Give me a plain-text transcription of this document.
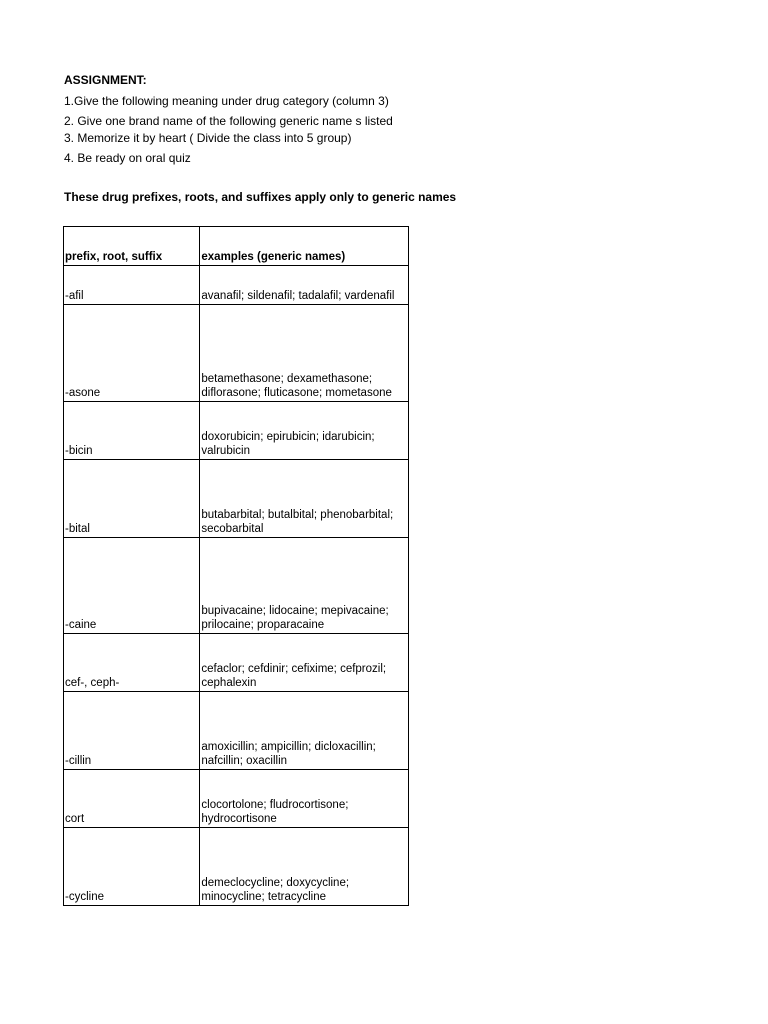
ASSIGNMENT:
1.Give the following meaning under drug category (column 3)
2. Give one brand name of the following generic name s listed
3. Memorize it by heart ( Divide the class into 5 group)
4. Be ready on oral quiz
These drug prefixes, roots, and suffixes apply only to generic names
prefix, root, suffix	examples (generic names)
-afil	avanafil; sildenafil; tadalafil; vardenafil
-asone	betamethasone; dexamethasone; diflorasone; fluticasone; mometasone
-bicin	doxorubicin; epirubicin; idarubicin; valrubicin
-bital	butabarbital; butalbital; phenobarbital; secobarbital
-caine	bupivacaine; lidocaine; mepivacaine; prilocaine; proparacaine
cef-, ceph-	cefaclor; cefdinir; cefixime; cefprozil; cephalexin
-cillin	amoxicillin; ampicillin; dicloxacillin; nafcillin; oxacillin
cort	clocortolone; fludrocortisone; hydrocortisone
-cycline	demeclocycline; doxycycline; minocycline; tetracycline
